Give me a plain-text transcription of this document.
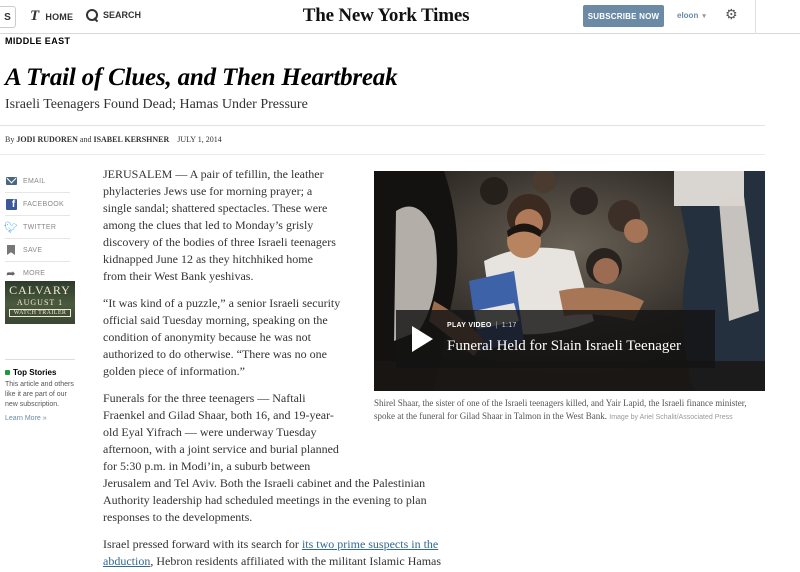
S T HOME	SEARCH	The New York Times	SUBSCRIBE NOW	eloon ▾ ⚙
MIDDLE EAST
A Trail of Clues, and Then Heartbreak
Israeli Teenagers Found Dead; Hamas Under Pressure
By JODI RUDOREN and ISABEL KERSHNER JULY 1, 2014
EMAIL
f FACEBOOK
🐦︎ TWITTER
SAVE
➦ MORE
CALVARY
AUGUST 1
WATCH TRAILER
Top Stories
This article and others like it are part of our new subscription.
Learn More »

JERUSALEM — A pair of tefillin, the leather

phylacteries Jews use for morning prayer; a

single sandal; shattered spectacles. These were

among the clues that led to Monday’s grisly

discovery of the bodies of three Israeli teenagers

kidnapped June 12 as they hitchhiked home

from their West Bank yeshivas.

“It was kind of a puzzle,” a senior Israeli security

official said Tuesday morning, speaking on the

condition of anonymity because he was not

authorized to do otherwise. “There was no one

golden piece of information.”

Funerals for the three teenagers — Naftali

Fraenkel and Gilad Shaar, both 16, and 19-year-

old Eyal Yifrach — were underway Tuesday

afternoon, with a joint service and burial planned

for 5:30 p.m. in Modi’in, a suburb between

Jerusalem and Tel Aviv. Both the Israeli cabinet and the Palestinian

Authority leadership had scheduled meetings in the evening to plan

responses to the developments.

Israel pressed forward with its search for its two prime suspects in the

abduction, Hebron residents affiliated with the militant Islamic Hamas

PLAY VIDEO | 1:17
Funeral Held for Slain Israeli Teenager
Shirel Shaar, the sister of one of the Israeli teenagers killed, and Yair Lapid, the Israeli finance minister, spoke at the funeral for Gilad Shaar in Talmon in the West Bank. Image by Ariel Schalit/Associated Press
